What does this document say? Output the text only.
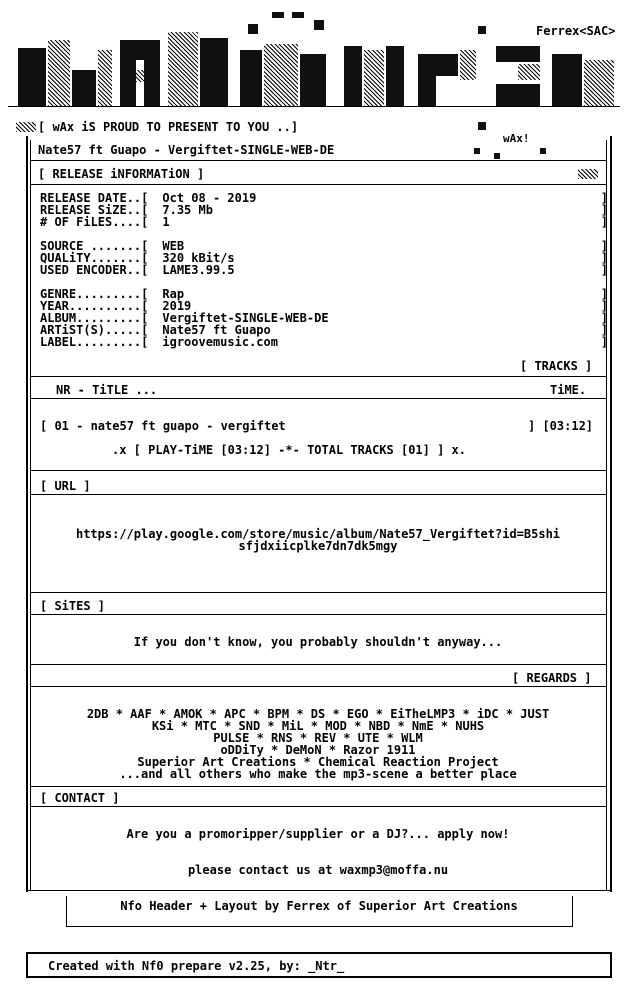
Ferrex<SAC>
[ wAx iS PROUD TO PRESENT TO YOU ..]
wAx!
Nate57 ft Guapo - Vergiftet-SINGLE-WEB-DE
[ RELEASE iNFORMATiON ]
RELEASE DATE..[ Oct 08 - 2019	]
RELEASE SiZE..[ 7.35 Mb	]
# OF FiLES....[ 1	]
SOURCE .......[ WEB	]
QUALiTY.......[ 320 kBit/s	]
USED ENCODER..[ LAME3.99.5	]
GENRE.........[ Rap	]
YEAR..........[ 2019	]
ALBUM.........[ Vergiftet-SINGLE-WEB-DE	]
ARTiST(S).....[ Nate57 ft Guapo	]
LABEL.........[ igroovemusic.com	]
[ TRACKS ]
NR - TiTLE ...	TiME.
[ 01 - nate57 ft guapo - vergiftet	] [03:12]
.x [ PLAY-TiME [03:12] -*- TOTAL TRACKS [01] ] x.
[ URL ]
https://play.google.com/store/music/album/Nate57_Vergiftet?id=B5shi
sfjdxiicplke7dn7dk5mgy
[ SiTES ]
If you don't know, you probably shouldn't anyway...
[ REGARDS ]
2DB * AAF * AMOK * APC * BPM * DS * EGO * EiTheLMP3 * iDC * JUST
KSi * MTC * SND * MiL * MOD * NBD * NmE * NUHS
PULSE * RNS * REV * UTE * WLM
oDDiTy * DeMoN * Razor 1911
Superior Art Creations * Chemical Reaction Project
...and all others who make the mp3-scene a better place
[ CONTACT ]
Are you a promoripper/supplier or a DJ?... apply now!
please contact us at waxmp3@moffa.nu
Nfo Header + Layout by Ferrex of Superior Art Creations
Created with Nf0 prepare v2.25, by: _Ntr_
